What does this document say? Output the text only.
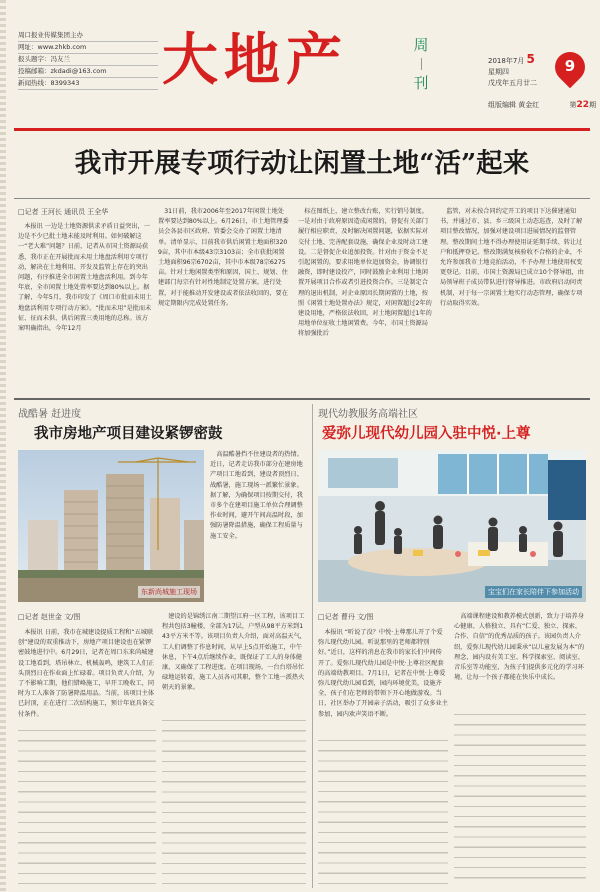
周口报业传媒集团主办
网址：www.zhkb.com
报头题字：冯友兰
投稿邮箱：zkdadi@163.com
新闻热线：8399343	大地产	周
刊
2018年7月 5
星期四
戊戌年五月廿二
9
组版编辑 黄金红	第22期
我市开展专项行动让闲置土地“活”起来
□记者 王河长 通讯员 王全华
本报讯 一边是土地资源供求矛盾日益突出，一边是不少已批土地未能及时利用。如何破解这一“老大难”问题？日前，记者从市国土资源局获悉，我市正在开展批而未用土地盘活利用专项行动，解决在土地利用、开发及监管上存在的突出问题，有序推进全市闲置土地盘活利用。到今年年底，全市闲置土地处置率要达到80%以上。据了解，今年5月，我市印发了《周口市批而未用土地盘活利用专项行动方案》。“批而未用”是批而未征、征而未供、供后闲置三类用地的总称。该方案明确指出，今年12月
31日前，我市2006年至2017年闲置土地处置率要达到80%以上。6月26日，市土地管理委员会各县市区政府、管委会交办了闲置土地清单。清单显示，目前我市供后闲置土地面积3209亩，其中市本级43宗3103亩；全市获批闲置土地面积96宗6702亩，其中市本级78宗6275亩。针对土地闲置类型和原因，国土、规划、住建部门每宗有针对性地制定处置方案，进行处置，对于能推动开发建设或者依法收回的，要在规定期限内完成处置任务。
标在图纸上，建立整改台账，实行销号制度。一是对由于政府原因造成闲置的，督促有关部门履行相应职责，及时解决闲置问题，依据实际对交付土地、完善配套设施，确保企业及时动工建设。二是督促企业追加投资。针对由于资金不足引起闲置的，要求用地单位追加资金，协调银行融资，即时建设投产，同时鼓励企业利用土地闲置开展项目合作或者引进投资合作。三是制定合理的退出机制，对企业原因长期闲置的土地，按照《闲置土地处置办法》规定，对闲置超过2年的建设用地，严格依法收回，对土地闲置超过1年的用地单位征收土地闲置费。今年，市国土资源局将加强批后
监管，对未按合同约定开工的项目下达催建通知书，并通过市、县、乡三级国土动态巡查，及时了解项目整改情况，加强对建设项目进展情况的监督管理。整改期间土地不得办理使用证延期手续、转让过户和抵押登记。整改期满复核验收不合格的企业，不允许参加我市土地竞拍活动，不予办理土地使用权变更登记。目前，市国土资源局已成立10个督导组，由局领导班子成员带队进行督导推进。市政府启动问责机制，对于每一宗闲置土地实行动态管理，确保专项行动取得实效。
战酷暑 赶进度
我市房地产项目建设紧锣密鼓
东新尚城施工现场
高温酷暑挡不住建设者的热情。近日，记者走访我市部分在建房地产项目工地看到，建设者顶烈日、战酷暑，施工现场一派繁忙景象。据了解，为确保项目按期交付，我市多个在建项目施工单位合理调整作业时间，避开午间高温时段，加强防暑降温措施，确保工程质量与施工安全。
□记者 赵世金 文/图
本报讯 日前，我市在城建设提质工程和“五城联创”建设的双重推动下，房地产项目建设也在紧锣密鼓地进行中。6月29日，记者在周口东来尚城建设工地看到，塔吊林立、机械轰鸣，建筑工人们正头顶烈日在作业面上忙碌着。项目负责人介绍，为了不影响工期，他们错峰施工，早开工晚收工，同时为工人准备了防暑降温用品。当前，该项目主体已封顶，正在进行二次结构施工，预计年底具备交付条件。
建设的是锦绣江南二期望江府一区工程，该项目工程共包括3幢楼，全部为17层，户型从98平方米到143平方米不等。该项目负责人介绍，面对高温天气，工人们调整了作息时间，从早上5点开始施工，中午休息，下午4点后继续作业，既保证了工人的身体健康，又确保了工程进度。在项目现场，一台台塔吊忙碌地运转着，施工人员各司其职，整个工地一派热火朝天的景象。
现代幼教服务高端社区
爱弥儿现代幼儿园入驻中悦·上尊
宝宝们在家长陪伴下参加活动
□记者 曹丹 文/图
本报讯 “听说了没？中悦·上尊那儿开了个爱弥儿现代幼儿园。听说那里的老师都特别好。”近日，这样的消息在我市的家长们中间传开了。爱弥儿现代幼儿园是中悦·上尊社区配套的高端幼教项目。7月1日，记者在中悦·上尊爱弥儿现代幼儿园看到，园内环境优美，设施齐全，孩子们在老师的带领下开心地做游戏。当日，社区举办了开园亲子活动，吸引了众多业主参加，园内欢声笑语不断。
高端课程建设和教养模式创新，致力于培养身心健康、人格独立、具有“仁爱、独立、探索、合作、自信”的优秀品质的孩子。该园负责人介绍，爱弥儿现代幼儿园秉承“以儿童发展为本”的理念，园内设有美工室、科学探索室、阅读室、音乐室等功能室，为孩子们提供多元化的学习环境，让每一个孩子都能在快乐中成长。
